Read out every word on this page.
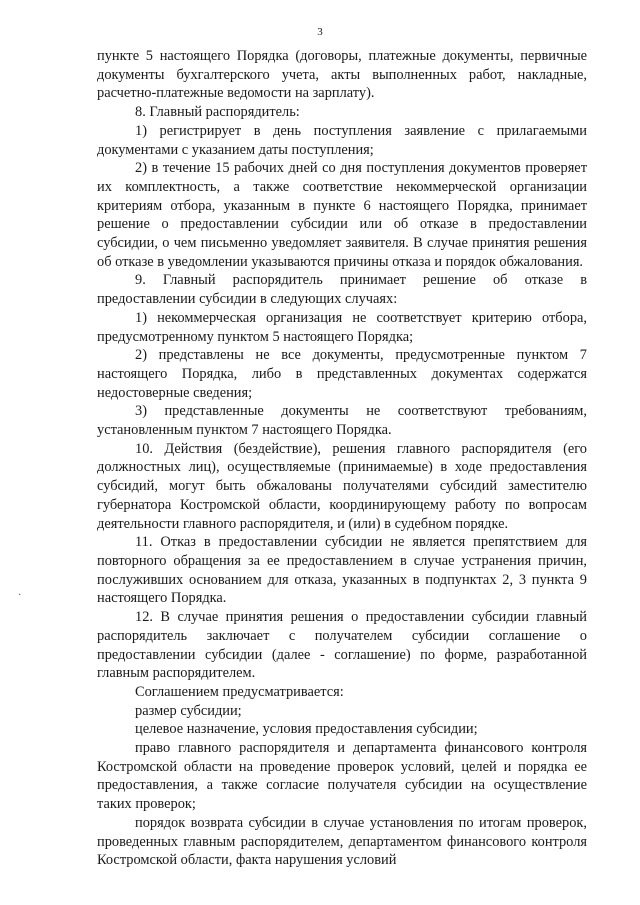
3
·

пункте 5 настоящего Порядка (договоры, платежные документы, первичные документы бухгалтерского учета, акты выполненных работ, накладные, расчетно-платежные ведомости на зарплату).

8. Главный распорядитель:

1) регистрирует в день поступления заявление с прилагаемыми документами с указанием даты поступления;

2) в течение 15 рабочих дней со дня поступления документов проверяет их комплектность, а также соответствие некоммерческой организации критериям отбора, указанным в пункте 6 настоящего Порядка, принимает решение о предоставлении субсидии или об отказе в предоставлении субсидии, о чем письменно уведомляет заявителя. В случае принятия решения об отказе в уведомлении указываются причины отказа и порядок обжалования.

9. Главный распорядитель принимает решение об отказе в предоставлении субсидии в следующих случаях:

1) некоммерческая организация не соответствует критерию отбора, предусмотренному пунктом 5 настоящего Порядка;

2) представлены не все документы, предусмотренные пунктом 7 настоящего Порядка, либо в представленных документах содержатся недостоверные сведения;

3) представленные документы не соответствуют требованиям, установленным пунктом 7 настоящего Порядка.

10. Действия (бездействие), решения главного распорядителя (его должностных лиц), осуществляемые (принимаемые) в ходе предоставления субсидий, могут быть обжалованы получателями субсидий заместителю губернатора Костромской области, координирующему работу по вопросам деятельности главного распорядителя, и (или) в судебном порядке.

11. Отказ в предоставлении субсидии не является препятствием для повторного обращения за ее предоставлением в случае устранения причин, послуживших основанием для отказа, указанных в подпунктах 2, 3 пункта 9 настоящего Порядка.

12. В случае принятия решения о предоставлении субсидии главный распорядитель заключает с получателем субсидии соглашение о предоставлении субсидии (далее - соглашение) по форме, разработанной главным распорядителем.

Соглашением предусматривается:

размер субсидии;

целевое назначение, условия предоставления субсидии;

право главного распорядителя и департамента финансового контроля Костромской области на проведение проверок условий, целей и порядка ее предоставления, а также согласие получателя субсидии на осуществление таких проверок;

порядок возврата субсидии в случае установления по итогам проверок, проведенных главным распорядителем, департаментом финансового контроля Костромской области, факта нарушения условий
